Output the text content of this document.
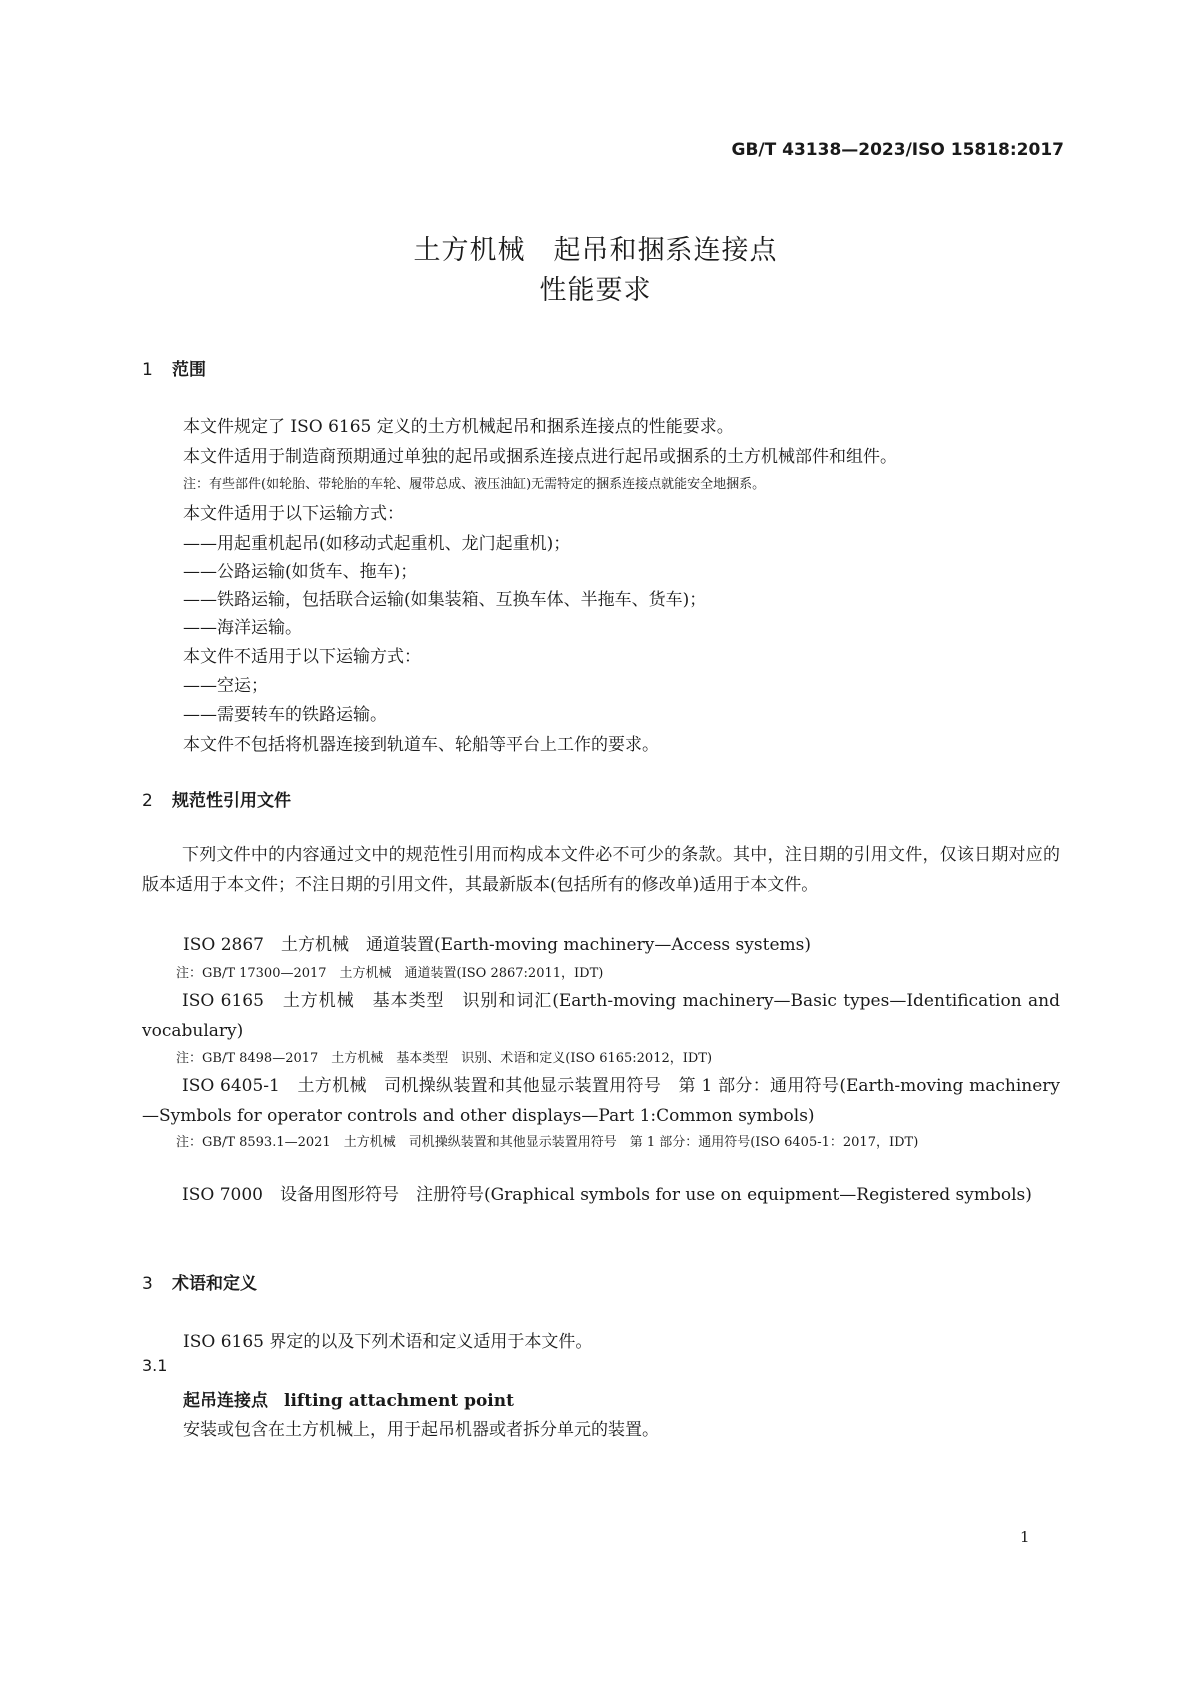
GB/T 43138—2023/ISO 15818:2017
土方机械　起吊和捆系连接点
性能要求
1 范围
本文件规定了 ISO 6165 定义的土方机械起吊和捆系连接点的性能要求。
本文件适用于制造商预期通过单独的起吊或捆系连接点进行起吊或捆系的土方机械部件和组件。
注：有些部件(如轮胎、带轮胎的车轮、履带总成、液压油缸)无需特定的捆系连接点就能安全地捆系。
本文件适用于以下运输方式：
——用起重机起吊(如移动式起重机、龙门起重机)；
——公路运输(如货车、拖车)；
——铁路运输，包括联合运输(如集装箱、互换车体、半拖车、货车)；
——海洋运输。
本文件不适用于以下运输方式：
——空运；
——需要转车的铁路运输。
本文件不包括将机器连接到轨道车、轮船等平台上工作的要求。
2 规范性引用文件
下列文件中的内容通过文中的规范性引用而构成本文件必不可少的条款。其中，注日期的引用文件，仅该日期对应的版本适用于本文件；不注日期的引用文件，其最新版本(包括所有的修改单)适用于本文件。
ISO 2867　土方机械　通道装置(Earth-moving machinery—Access systems)
注：GB/T 17300—2017　土方机械　通道装置(ISO 2867:2011，IDT)
ISO 6165　土方机械　基本类型　识别和词汇(Earth-moving machinery—Basic types—Identification and vocabulary)
注：GB/T 8498—2017　土方机械　基本类型　识别、术语和定义(ISO 6165:2012，IDT)
ISO 6405-1　土方机械　司机操纵装置和其他显示装置用符号　第 1 部分：通用符号(Earth-moving machinery—Symbols for operator controls and other displays—Part 1:Common symbols)
注：GB/T 8593.1—2021　土方机械　司机操纵装置和其他显示装置用符号　第 1 部分：通用符号(ISO 6405-1：2017，IDT)
ISO 7000　设备用图形符号　注册符号(Graphical symbols for use on equipment—Registered symbols)
3 术语和定义
ISO 6165 界定的以及下列术语和定义适用于本文件。
3.1
起吊连接点 lifting attachment point
安装或包含在土方机械上，用于起吊机器或者拆分单元的装置。
1
